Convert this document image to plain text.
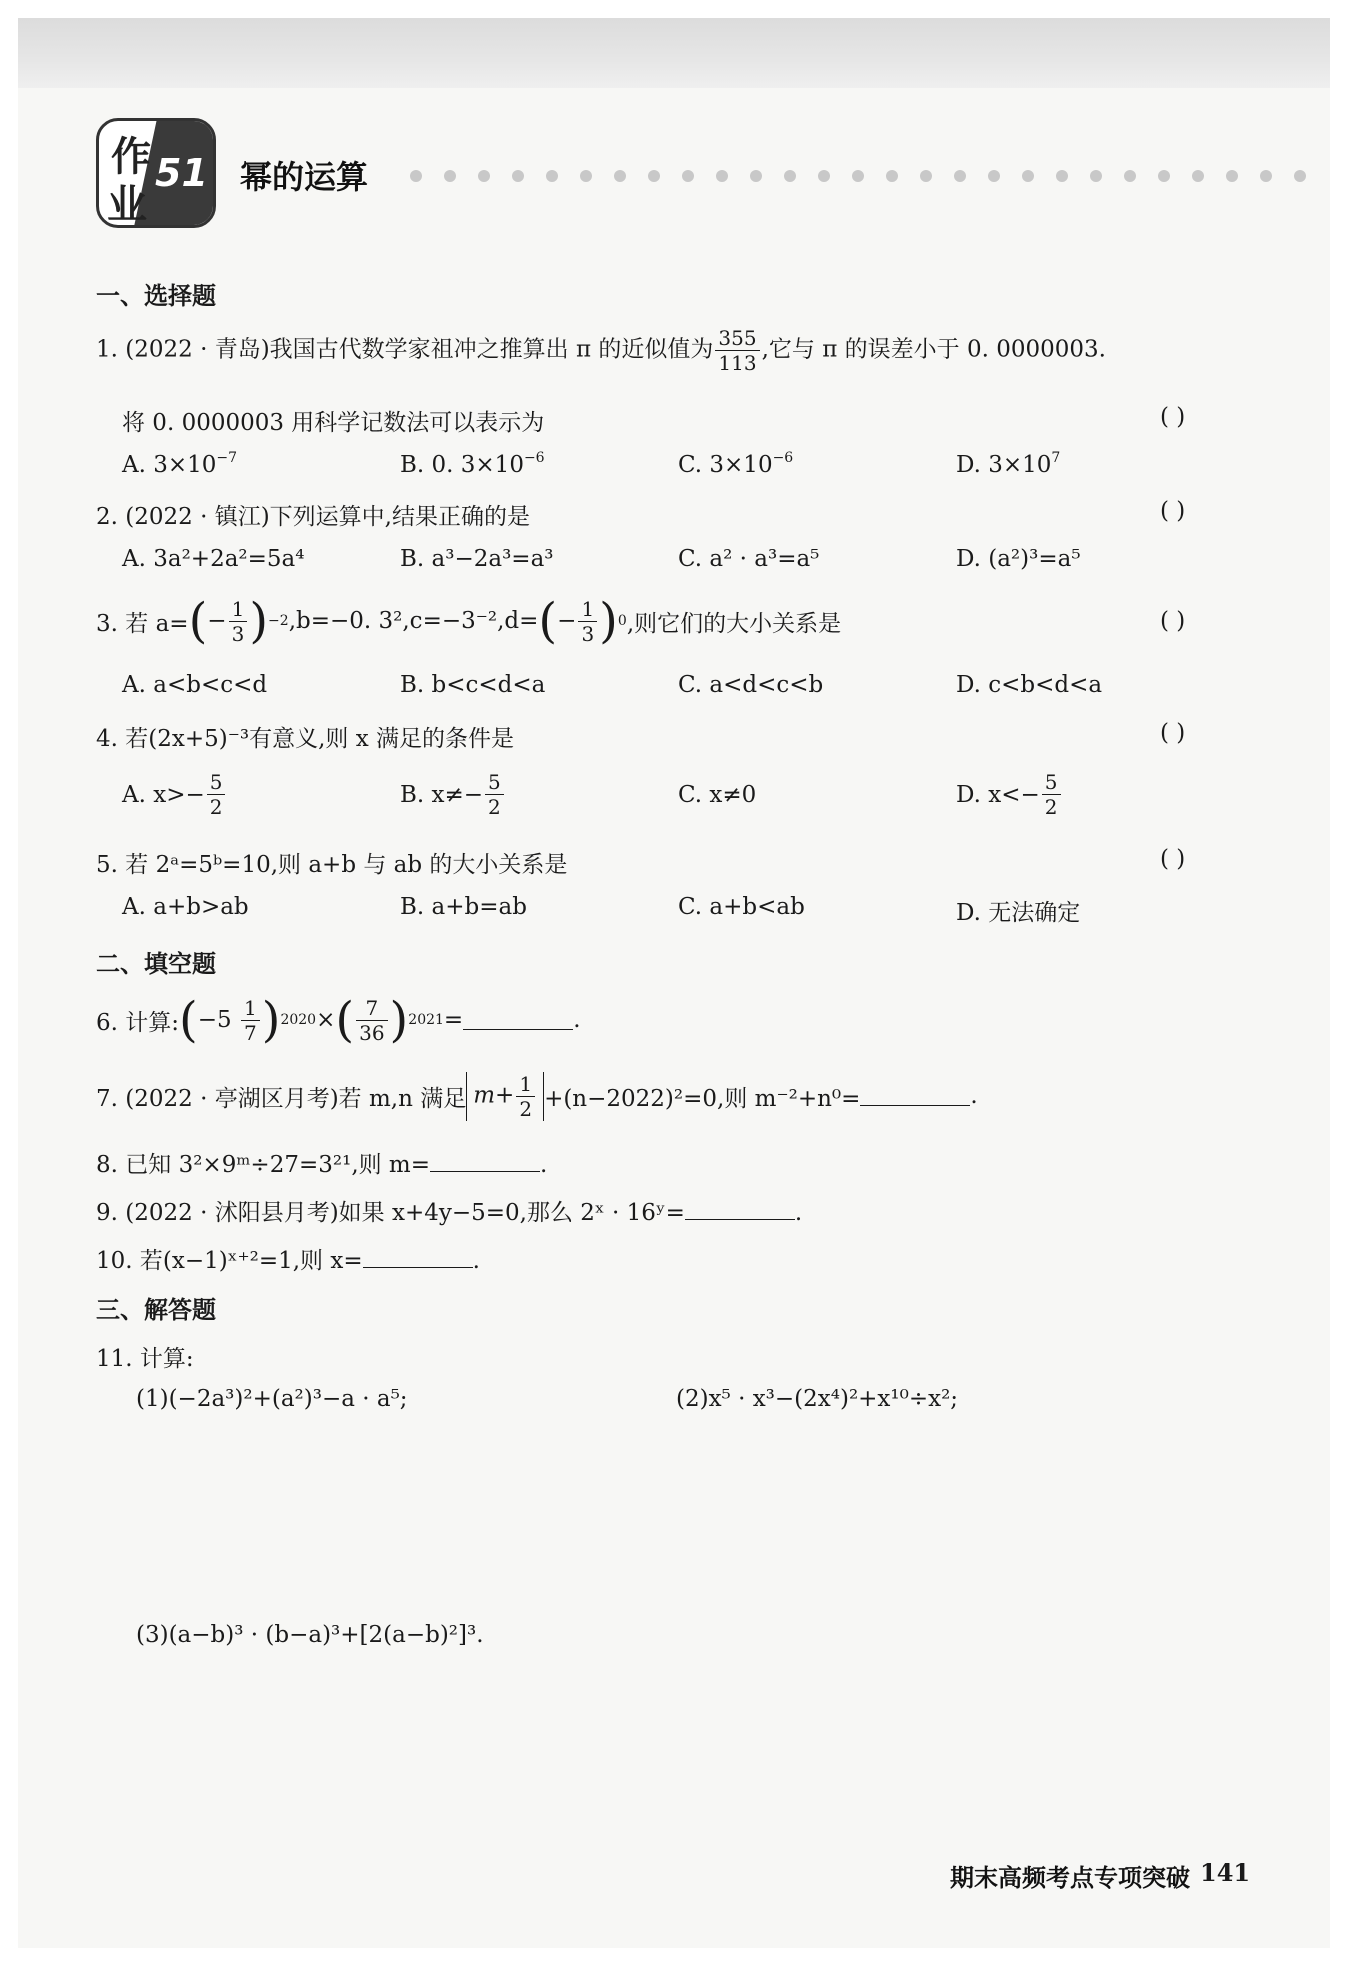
作
业
51 幂的运算
一、选择题
1. (2022 · 青岛)我国古代数学家祖冲之推算出 π 的近似值为 $\frac{355}{113}$ ,它与 π 的误差小于 0. 0000003.
将 0. 0000003 用科学记数法可以表示为	( )
A. $3\times 10^{-7}$	B. 0. $3\times 10^{-6}$	C. $3\times 10^{-6}$	D. $3\times 10^7$
2. (2022 · 镇江)下列运算中,结果正确的是	( )
A. 3a²+2a²=5a⁴	B. a³−2a³=a³	C. a² · a³=a⁵	D. (a²)³=a⁵
3. 若 a= ( − $\frac{1}{3}$ ) −2 ,b=−0. 3²,c=−3⁻²,d= ( − $\frac{1}{3}$ ) 0 ,则它们的大小关系是	( )
A. a<b<c<d	B. b<c<d<a	C. a<d<c<b	D. c<b<d<a
4. 若(2x+5)⁻³有意义,则 x 满足的条件是	( )
A. $x>- \frac{5}{2}$	B. $x\ne- \frac{5}{2}$	C. x≠0	D. $x<- \frac{5}{2}$
5. 若 2ᵃ=5ᵇ=10,则 a+b 与 ab 的大小关系是	( )
A. a+b>ab	B. a+b=ab	C. a+b<ab	D. 无法确定
二、填空题
6. 计算: ( $-5 \frac{1}{7}$ ) 2020 × ( $\frac{7}{36}$ ) 2021 =	.
7. (2022 · 亭湖区月考)若 m,n 满足 $m+ \frac{1}{2} +(n-2022)^2=0$,则 m⁻²+n⁰=	.
8. 已知 3²×9ᵐ÷27=3²¹,则 m=	.
9. (2022 · 沭阳县月考)如果 x+4y−5=0,那么 2ˣ · 16ʸ=	.
10. 若(x−1)ˣ⁺²=1,则 x=	.
三、解答题
11. 计算:
(1)(−2a³)²+(a²)³−a · a⁵;	(2)x⁵ · x³−(2x⁴)²+x¹⁰÷x²;
(3)(a−b)³ · (b−a)³+[2(a−b)²]³.
期末高频考点专项突破 141
